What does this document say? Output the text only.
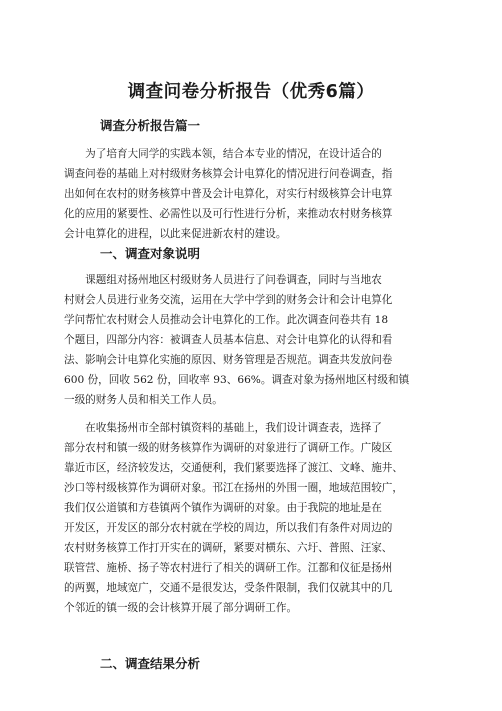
调查问卷分析报告（优秀6篇）
调查分析报告篇一
　　为了培育大同学的实践本领，结合本专业的情况，在设计适合的
调查问卷的基础上对村级财务核算会计电算化的情况进行问卷调查，指
出如何在农村的财务核算中普及会计电算化，对实行村级核算会计电算
化的应用的紧要性、必需性以及可行性进行分析，来推动农村财务核算
会计电算化的进程，以此来促进新农村的建设。
一、调查对象说明
　　课题组对扬州地区村级财务人员进行了问卷调查，同时与当地农
村财会人员进行业务交流，运用在大学中学到的财务会计和会计电算化
学问帮忙农村财会人员推动会计电算化的工作。此次调查问卷共有 18
个题目，四部分内容：被调查人员基本信息、对会计电算化的认得和看
法、影响会计电算化实施的原因、财务管理是否规范。调查共发放问卷
600 份，回收 562 份，回收率 93、66%。调查对象为扬州地区村级和镇
一级的财务人员和相关工作人员。
　　在收集扬州市全部村镇资料的基础上，我们设计调查表，选择了
部分农村和镇一级的财务核算作为调研的对象进行了调研工作。广陵区
靠近市区，经济较发达，交通便利，我们紧要选择了渡江、文峰、施井、
沙口等村级核算作为调研对象。邗江在扬州的外围一圈，地域范围较广，
我们仅公道镇和方巷镇两个镇作为调研的对象。由于我院的地址是在
开发区，开发区的部分农村就在学校的周边，所以我们有条件对周边的
农村财务核算工作打开实在的调研，紧要对横东、六圩、普照、汪家、
联管营、施桥、扬子等农村进行了相关的调研工作。江都和仪征是扬州
的两翼，地域宽广，交通不是很发达，受条件限制，我们仅就其中的几
个邻近的镇一级的会计核算开展了部分调研工作。
二、调查结果分析
